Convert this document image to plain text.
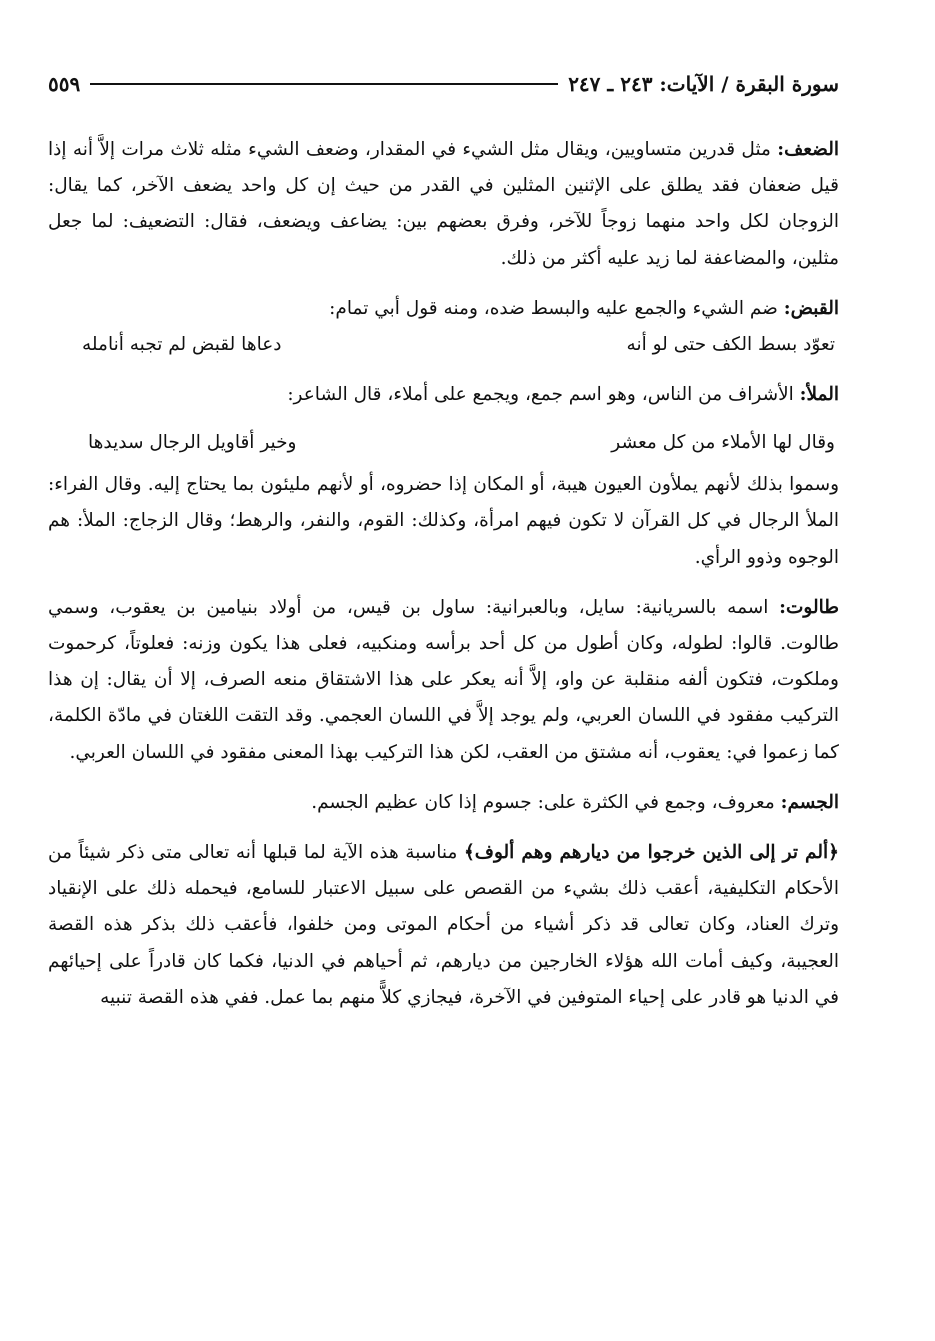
سورة البقرة / الآيات: ٢٤٣ ـ ٢٤٧
٥٥٩

الضعف: مثل قدرين متساويين، ويقال مثل الشيء في المقدار، وضعف الشيء مثله ثلاث مرات إلاَّ أنه إذا قيل ضعفان فقد يطلق على الإثنين المثلين في القدر من حيث إن كل واحد يضعف الآخر، كما يقال: الزوجان لكل واحد منهما زوجاً للآخر، وفرق بعضهم بين: يضاعف ويضعف، فقال: التضعيف: لما جعل مثلين، والمضاعفة لما زيد عليه أكثر من ذلك.

القبض: ضم الشيء والجمع عليه والبسط ضده، ومنه قول أبي تمام:

تعوّد بسط الكف حتى لو أنه
دعاها لقبض لم تجبه أنامله

الملأ: الأشراف من الناس، وهو اسم جمع، ويجمع على أملاء، قال الشاعر:

وقال لها الأملاء من كل معشر
وخير أقاويل الرجال سديدها

وسموا بذلك لأنهم يملأون العيون هيبة، أو المكان إذا حضروه، أو لأنهم مليئون بما يحتاج إليه. وقال الفراء: الملأ الرجال في كل القرآن لا تكون فيهم امرأة، وكذلك: القوم، والنفر، والرهط؛ وقال الزجاج: الملأ: هم الوجوه وذوو الرأي.

طالوت: اسمه بالسريانية: سايل، وبالعبرانية: ساول بن قيس، من أولاد بنيامين بن يعقوب، وسمي طالوت. قالوا: لطوله، وكان أطول من كل أحد برأسه ومنكبيه، فعلى هذا يكون وزنه: فعلوتاً، كرحموت وملكوت، فتكون ألفه منقلبة عن واو، إلاَّ أنه يعكر على هذا الاشتقاق منعه الصرف، إلا أن يقال: إن هذا التركيب مفقود في اللسان العربي، ولم يوجد إلاَّ في اللسان العجمي. وقد التقت اللغتان في مادّة الكلمة، كما زعموا في: يعقوب، أنه مشتق من العقب، لكن هذا التركيب بهذا المعنى مفقود في اللسان العربي.

الجسم: معروف، وجمع في الكثرة على: جسوم إذا كان عظيم الجسم.

﴿ألم تر إلى الذين خرجوا من ديارهم وهم ألوف﴾ مناسبة هذه الآية لما قبلها أنه تعالى متى ذكر شيئاً من الأحكام التكليفية، أعقب ذلك بشيء من القصص على سبيل الاعتبار للسامع، فيحمله ذلك على الإنقياد وترك العناد، وكان تعالى قد ذكر أشياء من أحكام الموتى ومن خلفوا، فأعقب ذلك بذكر هذه القصة العجيبة، وكيف أمات الله هؤلاء الخارجين من ديارهم، ثم أحياهم في الدنيا، فكما كان قادراً على إحيائهم في الدنيا هو قادر على إحياء المتوفين في الآخرة، فيجازي كلاًّ منهم بما عمل. ففي هذه القصة تنبيه
